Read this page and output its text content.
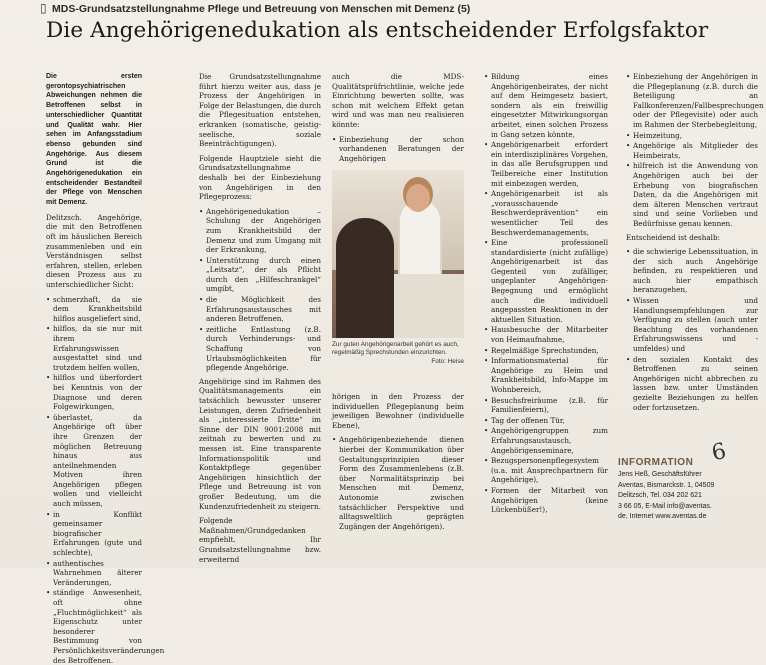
▯ MDS-Grundsatzstellungnahme Pflege und Betreuung von Menschen mit Demenz (5)
Die Angehörigenedukation als entscheidender Erfolgsfaktor

Die ersten gerontopsychiatrischen Abweichungen nehmen die Betroffenen selbst in unterschiedlicher Quantität und Qualität wahr. Hier sehen im Anfangsstadium ebenso gebunden sind Angehörige. Aus diesem Grund ist die Angehörigenedukation ein entscheidender Bestandteil der Pflege von Menschen mit Demenz.

Delitzsch. Angehörige, die mit den Betroffenen oft im häuslichen Bereich zusammenleben und ein Verständnisgen selbst erfahren, stellen, erleben diesen Prozess aus zu unterschiedlicher Sicht:

• schmerzhaft, da sie dem Krankheitsbild hilflos ausgeliefert sind,
• hilflos, da sie nur mit ihrem Erfahrungswissen ausgestattet sind und trotzdem helfen wollen,
• hilflos und überfordert bei Kenntnis von der Diagnose und deren Folgewirkungen,
• überlastet, da Angehörige oft über ihre Grenzen der möglichen Betreuung hinaus aus anteilnehmenden Motiven ihren Angehörigen pflegen wollen und vielleicht auch müssen,
• in Konflikt gemeinsamer biografischer Erfahrungen (gute und schlechte),
• authentisches Wahrnehmen älterer Veränderungen,
• ständige Anwesenheit, oft ohne „Fluchtmöglichkeit“ als Eigenschutz unter besonderer Bestimmung von Persönlichkeitsveränderungen des Betroffenen.

Die Grundsatzstellungnahme führt hierzu weiter aus, dass je Prozess der Angehörigen in Folge der Belastungen, die durch die Pflegesituation entstehen, erkranken (somatische, geistig-seelische, soziale Beeinträchtigungen).

Folgende Hauptziele sieht die Grundsatzstellungnahme deshalb bei der Einbeziehung von Angehörigen in den Pflegeprozess:

• Angehörigenedukation – Schulung der Angehörigen zum Krankheitsbild der Demenz und zum Umgang mit der Erkrankung,
• Unterstützung durch einen „Leitsatz“, der als Pflicht durch den „Hilfeschrankgel“ umgibt,
• die Möglichkeit des Erfahrungsaustausches mit anderen Betroffenen,
• zeitliche Entlastung (z.B. durch Verhinderungs- und Schaffung von Urlaubsmöglichkeiten für pflegende Angehörige.

Angehörige sind im Rahmen des Qualitätsmanagements ein tatsächlich bewusster unserer Leistungen, deren Zufriedenheit als „interessierte Dritte“ im Sinne der DIN 9001:2008 mit zeitnah zu bewerten und zu messen ist. Eine transparente Informationspolitik und Kontaktpflege gegenüber Angehörigen hinsichtlich der Pflege und Betreuung ist von großer Bedeutung, um die Kundenzufriedenheit zu steigern.

Folgende Maßnahmen/Grundgedanken empfiehlt. Ihr Grundsatzstellungnahme bzw. erweiternd

auch die MDS-Qualitätsprüfrichtlinie, welche jede Einrichtung bewerten sollte, was schon mit welchem Effekt getan wird und was man neu realisieren könnte:

• Einbeziehung der schon vorhandenen Beratungen der Angehörigen
Zur guten Angehörigenarbeit gehört es auch, regelmäßig Sprechstunden einzurichten.
Foto: Heise

hörigen in den Prozess der individuellen Pflegeplanung beim jeweiligen Bewohner (individuelle Ebene),

• Angehörigenbeziehende dienen hierbei der Kommunikation über Gestaltungsprinzipien dieser Form des Zusammenlebens (z.B. über Normalitätsprinzip bei Menschen mit Demenz, Autonomie zwischen tatsächlicher Perspektive und alltagsweltlich geprägten Zugängen der Angehörigen).
• Bildung eines Angehörigenbeirates, der nicht auf dem Heimgesetz basiert, sondern als ein freiwillig eingesetzter Mitwirkungsorgan arbeitet, einen solchen Prozess in Gang setzen könnte,
• Angehörigenarbeit erfordert ein interdisziplinäres Vorgehen, in das alle Berufsgruppen und Teilbereiche einer Institution mit einbezogen werden,
• Angehörigenarbeit ist als „vorausschauende Beschwerdeprävention“ ein wesentlicher Teil des Beschwerdemanagements,
• Eine professionell standardisierte (nicht zufällige) Angehörigenarbeit ist das Gegenteil von zufälliger, ungeplanter Angehörigen-Begegnung und ermöglicht auch die individuell angepassten Reaktionen in der aktuellen Situation.
• Hausbesuche der Mitarbeiter von Heimaufnahme,
• Regelmäßige Sprechstunden,
• Informationsmaterial für Angehörige zu Heim und Krankheitsbild, Info-Mappe im Wohnbereich,
• Besuchsfreiräume (z.B. für Familienfeiern),
• Tag der offenen Tür,
• Angehörigengruppen zum Erfahrungsaustausch, Angehörigenseminare,
• Bezugspersonenpflegesystem (u.a. mit Ansprechpartnern für Angehörige),
• Formen der Mitarbeit von Angehörigen (keine Lückenbüßer!),
• Einbeziehung der Angehörigen in die Pflegeplanung (z.B. durch die Beteiligung an Fallkonferenzen/Fallbesprechungen oder der Pflegevisite) oder auch im Rahmen der Sterbebegleitung,
• Heimzeitung,
• Angehörige als Mitglieder des Heimbeirats,
• hilfreich ist die Anwendung von Angehörigen auch bei der Erhebung von biografischen Daten, da die Angehörigen mit dem älteren Menschen vertraut sind und seine Vorlieben und Bedürfnisse genau kennen.

Entscheidend ist deshalb:

• die schwierige Lebenssituation, in der sich auch Angehörige befinden, zu respektieren und auch hier empathisch heranzugehen,
• Wissen und Handlungsempfehlungen zur Verfügung zu stellen (auch unter Beachtung des vorhandenen Erfahrungswissens und -umfeldes) und
• den sozialen Kontakt des Betroffenen zu seinen Angehörigen nicht abbrechen zu lassen bzw. unter Umständen gezielte Beziehungen zu helfen oder fortzusetzen.
6
INFORMATION
Jens Heß, Geschäftsführer
Aventas, Bismarckstr. 1, 04509
Delitzsch, Tel. 034 202 621
3 66 05, E-Mail info@aventas.
de, Internet www.aventas.de
